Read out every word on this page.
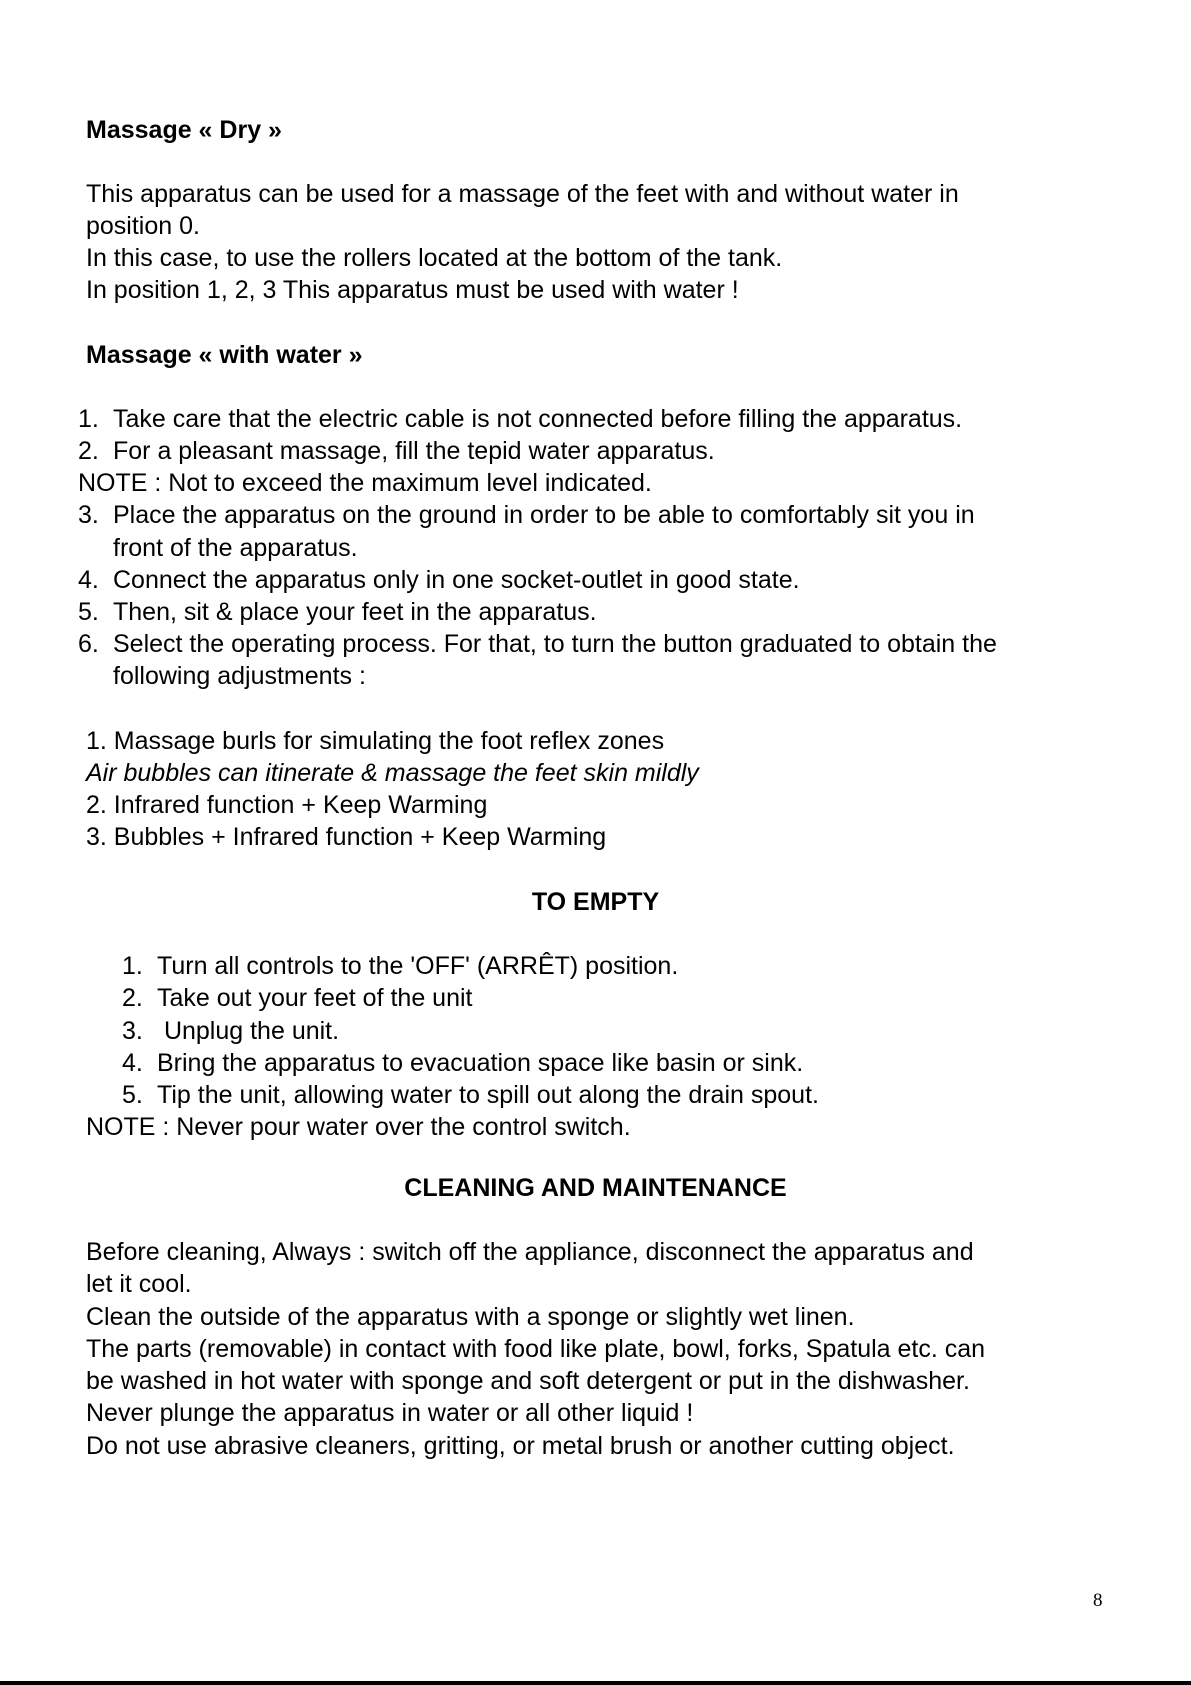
Massage « Dry »
This apparatus can be used for a massage of the feet with and without water in
position 0.
In this case, to use the rollers located at the bottom of the tank.
In position 1, 2, 3 This apparatus must be used with water !
Massage « with water »
1. Take care that the electric cable is not connected before filling the apparatus.
2. For a pleasant massage, fill the tepid water apparatus.
NOTE : Not to exceed the maximum level indicated.
3. Place the apparatus on the ground in order to be able to comfortably sit you in
front of the apparatus.
4. Connect the apparatus only in one socket-outlet in good state.
5. Then, sit & place your feet in the apparatus.
6. Select the operating process. For that, to turn the button graduated to obtain the
following adjustments :
1. Massage burls for simulating the foot reflex zones
Air bubbles can itinerate & massage the feet skin mildly
2. Infrared function + Keep Warming
3. Bubbles + Infrared function + Keep Warming
TO EMPTY
1. Turn all controls to the 'OFF' (ARRÊT) position.
2. Take out your feet of the unit
3. Unplug the unit.
4. Bring the apparatus to evacuation space like basin or sink.
5. Tip the unit, allowing water to spill out along the drain spout.
NOTE : Never pour water over the control switch.
CLEANING AND MAINTENANCE
Before cleaning, Always : switch off the appliance, disconnect the apparatus and
let it cool.
Clean the outside of the apparatus with a sponge or slightly wet linen.
The parts (removable) in contact with food like plate, bowl, forks, Spatula etc. can
be washed in hot water with sponge and soft detergent or put in the dishwasher.
Never plunge the apparatus in water or all other liquid !
Do not use abrasive cleaners, gritting, or metal brush or another cutting object.
8
